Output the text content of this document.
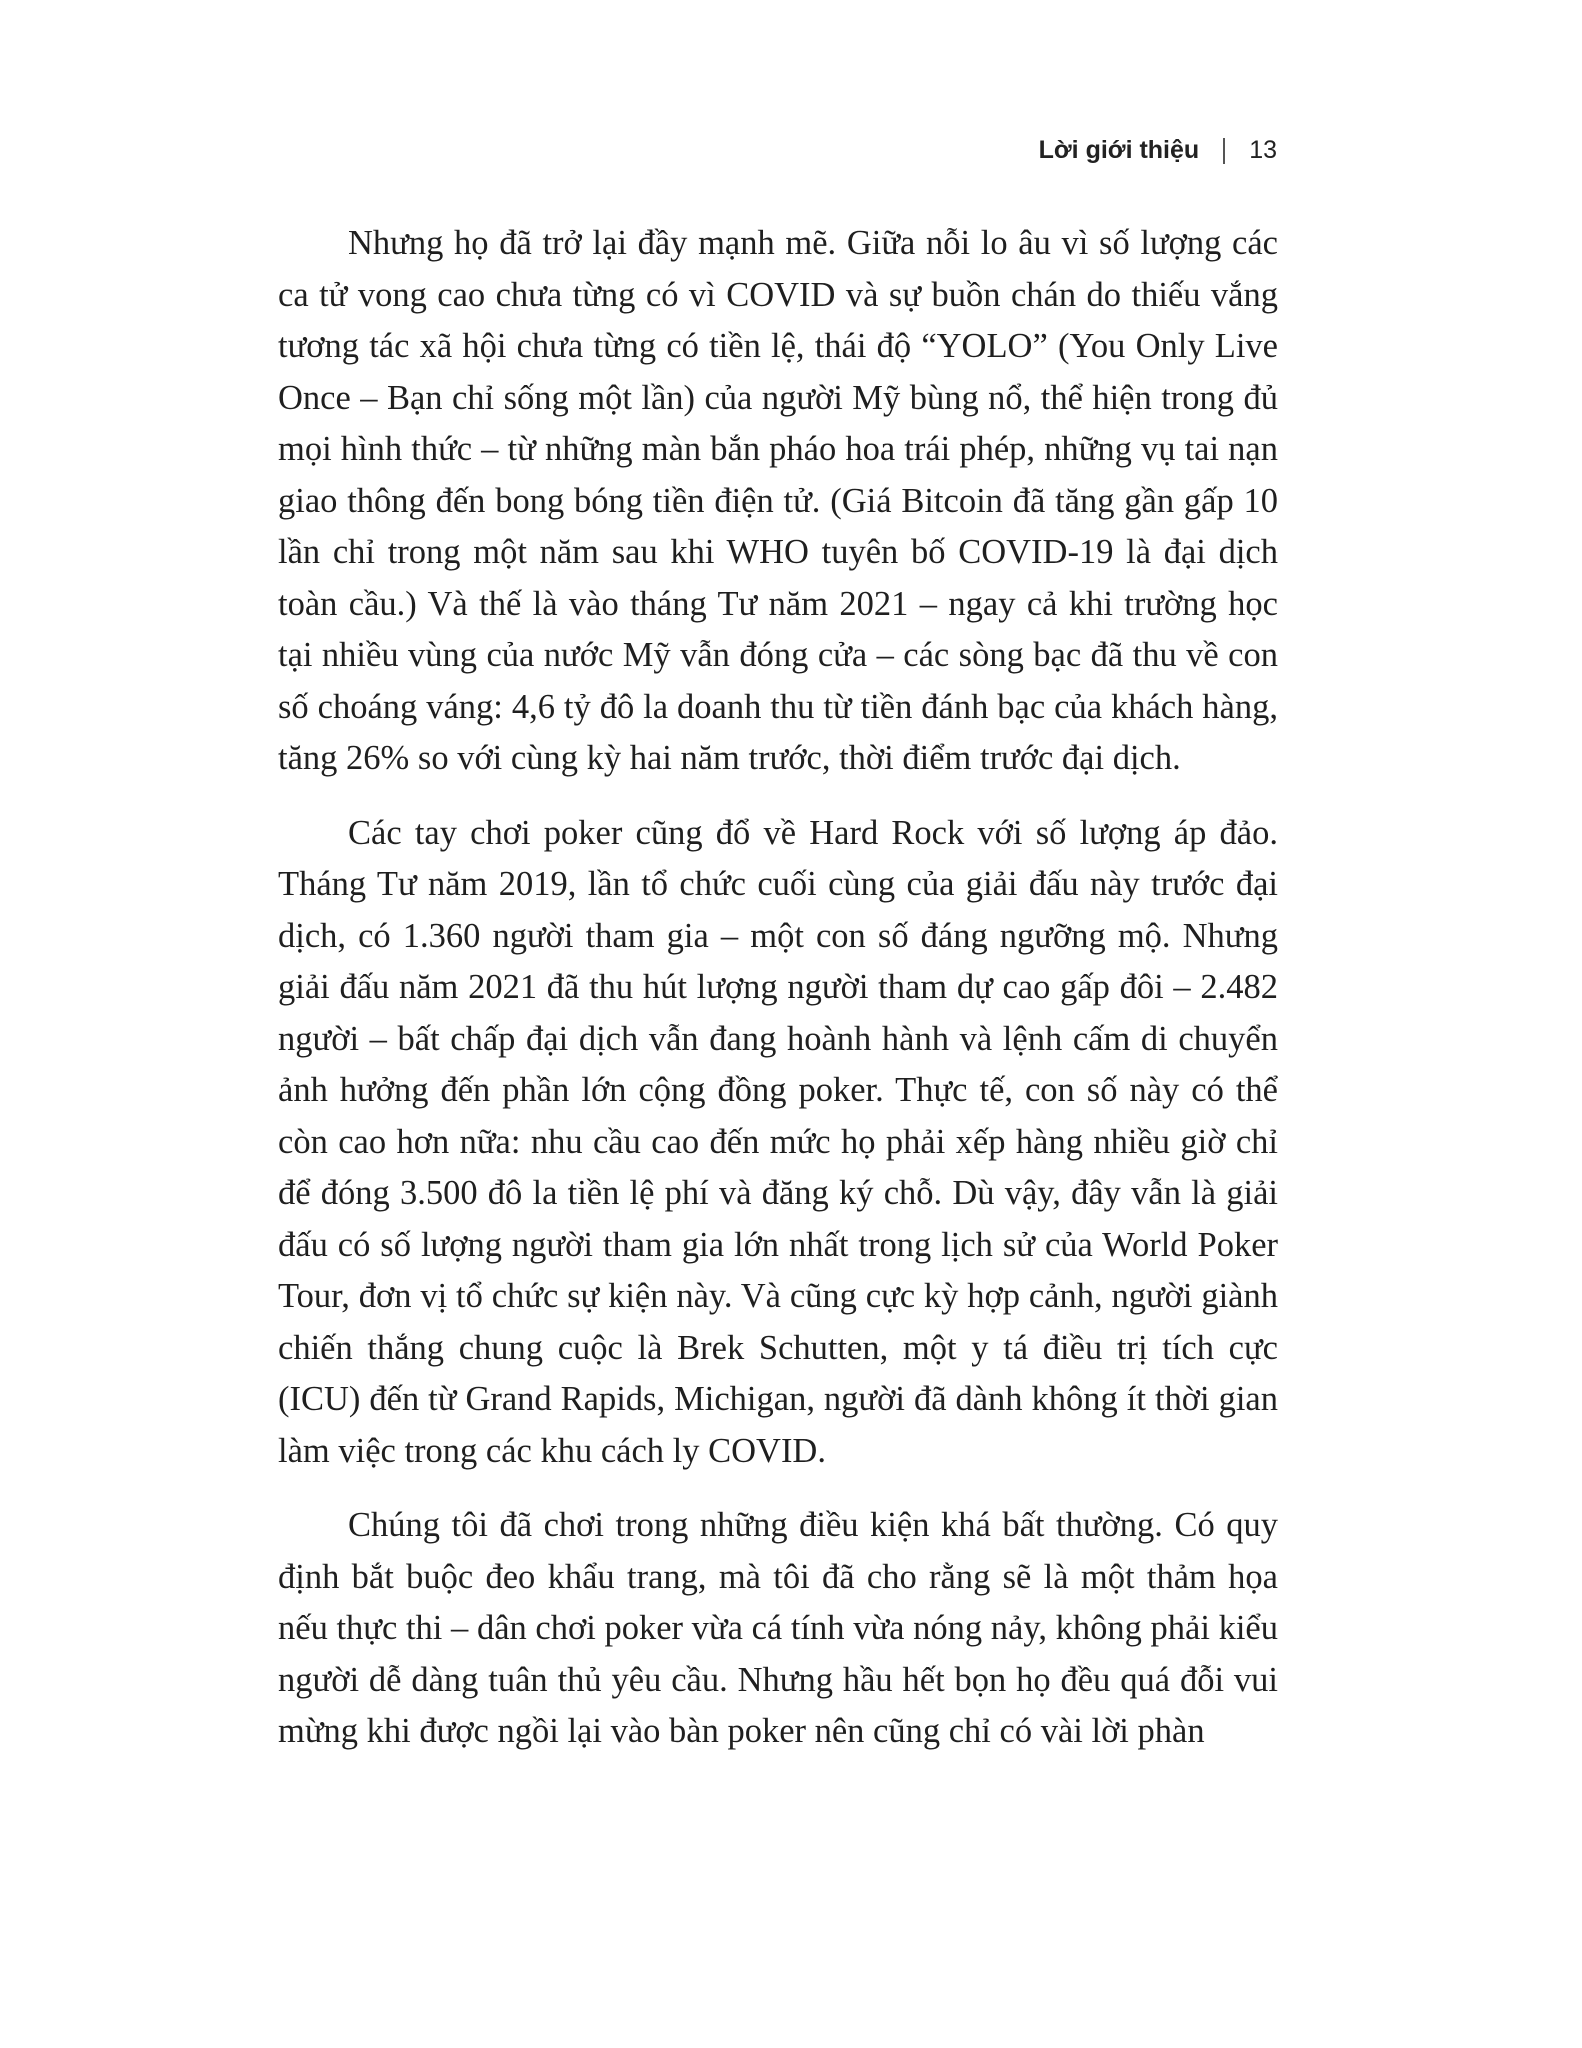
Lời giới thiệu 13

Nhưng họ đã trở lại đầy mạnh mẽ. Giữa nỗi lo âu vì số lượng các ca tử vong cao chưa từng có vì COVID và sự buồn chán do thiếu vắng tương tác xã hội chưa từng có tiền lệ, thái độ “YOLO” (You Only Live Once – Bạn chỉ sống một lần) của người Mỹ bùng nổ, thể hiện trong đủ mọi hình thức – từ những màn bắn pháo hoa trái phép, những vụ tai nạn giao thông đến bong bóng tiền điện tử. (Giá Bitcoin đã tăng gần gấp 10 lần chỉ trong một năm sau khi WHO tuyên bố COVID-19 là đại dịch toàn cầu.) Và thế là vào tháng Tư năm 2021 – ngay cả khi trường học tại nhiều vùng của nước Mỹ vẫn đóng cửa – các sòng bạc đã thu về con số choáng váng: 4,6 tỷ đô la doanh thu từ tiền đánh bạc của khách hàng, tăng 26% so với cùng kỳ hai năm trước, thời điểm trước đại dịch.

Các tay chơi poker cũng đổ về Hard Rock với số lượng áp đảo. Tháng Tư năm 2019, lần tổ chức cuối cùng của giải đấu này trước đại dịch, có 1.360 người tham gia – một con số đáng ngưỡng mộ. Nhưng giải đấu năm 2021 đã thu hút lượng người tham dự cao gấp đôi – 2.482 người – bất chấp đại dịch vẫn đang hoành hành và lệnh cấm di chuyển ảnh hưởng đến phần lớn cộng đồng poker. Thực tế, con số này có thể còn cao hơn nữa: nhu cầu cao đến mức họ phải xếp hàng nhiều giờ chỉ để đóng 3.500 đô la tiền lệ phí và đăng ký chỗ. Dù vậy, đây vẫn là giải đấu có số lượng người tham gia lớn nhất trong lịch sử của World Poker Tour, đơn vị tổ chức sự kiện này. Và cũng cực kỳ hợp cảnh, người giành chiến thắng chung cuộc là Brek Schutten, một y tá điều trị tích cực (ICU) đến từ Grand Rapids, Michigan, người đã dành không ít thời gian làm việc trong các khu cách ly COVID.

Chúng tôi đã chơi trong những điều kiện khá bất thường. Có quy định bắt buộc đeo khẩu trang, mà tôi đã cho rằng sẽ là một thảm họa nếu thực thi – dân chơi poker vừa cá tính vừa nóng nảy, không phải kiểu người dễ dàng tuân thủ yêu cầu. Nhưng hầu hết bọn họ đều quá đỗi vui mừng khi được ngồi lại vào bàn poker nên cũng chỉ có vài lời phàn
